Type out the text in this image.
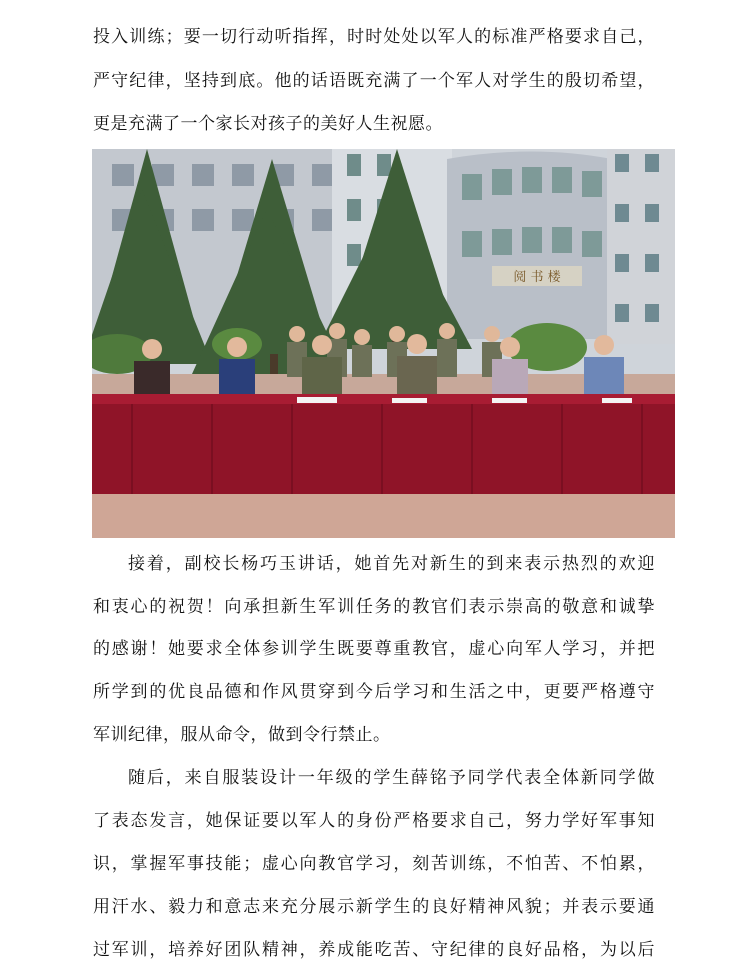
投入训练；要一切行动听指挥，时时处处以军人的标准严格要求自己，
严守纪律，坚持到底。他的话语既充满了一个军人对学生的殷切希望，
更是充满了一个家长对孩子的美好人生祝愿。
阅 书 楼
接着，副校长杨巧玉讲话，她首先对新生的到来表示热烈的欢迎
和衷心的祝贺！向承担新生军训任务的教官们表示崇高的敬意和诚挚
的感谢！她要求全体参训学生既要尊重教官，虚心向军人学习，并把
所学到的优良品德和作风贯穿到今后学习和生活之中，更要严格遵守
军训纪律，服从命令，做到令行禁止。
随后，来自服装设计一年级的学生薛铭予同学代表全体新同学做
了表态发言，她保证要以军人的身份严格要求自己，努力学好军事知
识，掌握军事技能；虚心向教官学习，刻苦训练，不怕苦、不怕累，
用汗水、毅力和意志来充分展示新学生的良好精神风貌；并表示要通
过军训，培养好团队精神，养成能吃苦、守纪律的良好品格，为以后
